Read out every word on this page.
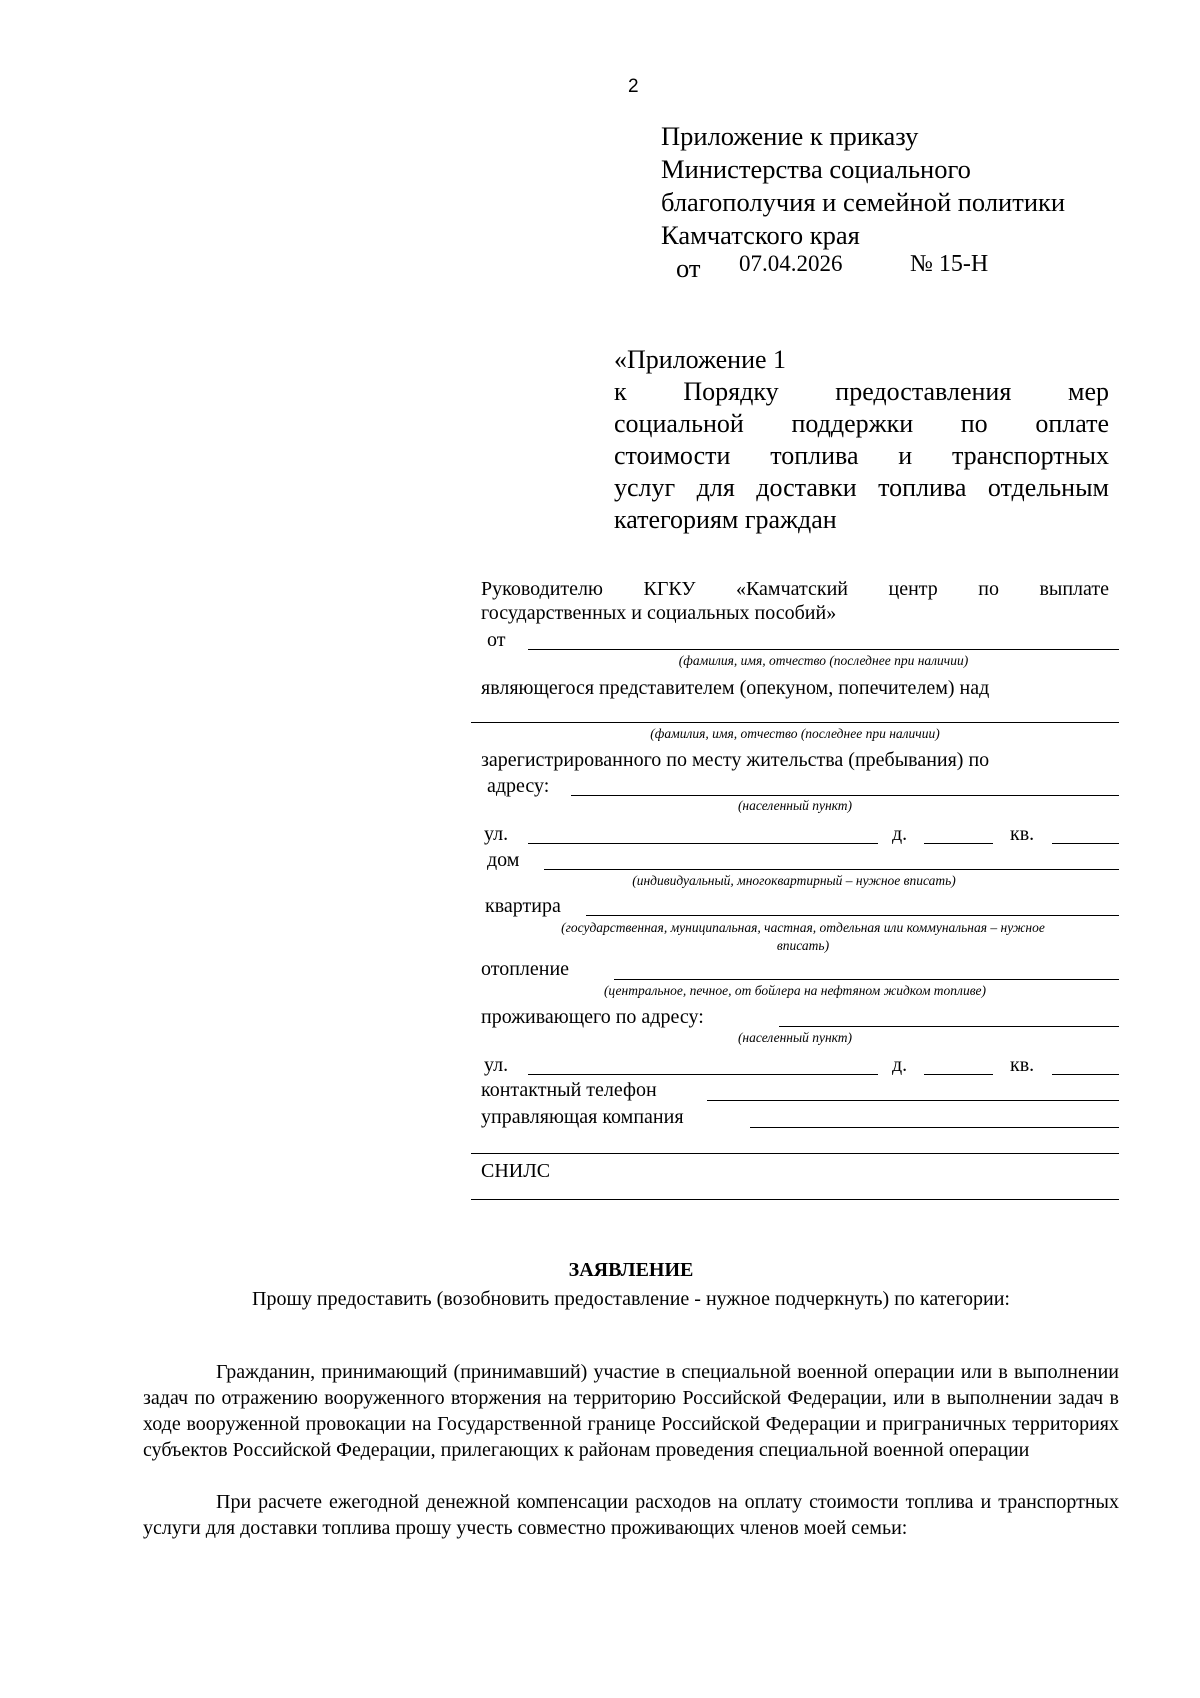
2
Приложение к приказу
Министерства социального
благополучия и семейной политики
Камчатского края
от 07.04.2026	№ 15-Н
«Приложение 1
к Порядку предоставления мер
социальной поддержки по оплате
стоимости топлива и транспортных
услуг для доставки топлива отдельным
категориям граждан
Руководителю КГКУ «Камчатский центр по выплате
государственных и социальных пособий»
от
(фамилия, имя, отчество (последнее при наличии)
являющегося представителем (опекуном, попечителем) над
(фамилия, имя, отчество (последнее при наличии)
зарегистрированного по месту жительства (пребывания) по
адресу:
(населенный пункт)
ул.	д.	кв.
дом
(индивидуальный, многоквартирный – нужное вписать)
квартира
(государственная, муниципальная, частная, отдельная или коммунальная – нужное
вписать)
отопление
(центральное, печное, от бойлера на нефтяном жидком топливе)
проживающего по адресу:
(населенный пункт)
ул.	д.	кв.
контактный телефон
управляющая компания
СНИЛС
ЗАЯВЛЕНИЕ
Прошу предоставить (возобновить предоставление - нужное подчеркнуть) по категории:
Гражданин, принимающий (принимавший) участие в специальной военной операции или в выполнении задач по отражению вооруженного вторжения на территорию Российской Федерации, или в выполнении задач в ходе вооруженной провокации на Государственной границе Российской Федерации и приграничных территориях субъектов Российской Федерации, прилегающих к районам проведения специальной военной операции
При расчете ежегодной денежной компенсации расходов на оплату стоимости топлива и транспортных услуги для доставки топлива прошу учесть совместно проживающих членов моей семьи:
